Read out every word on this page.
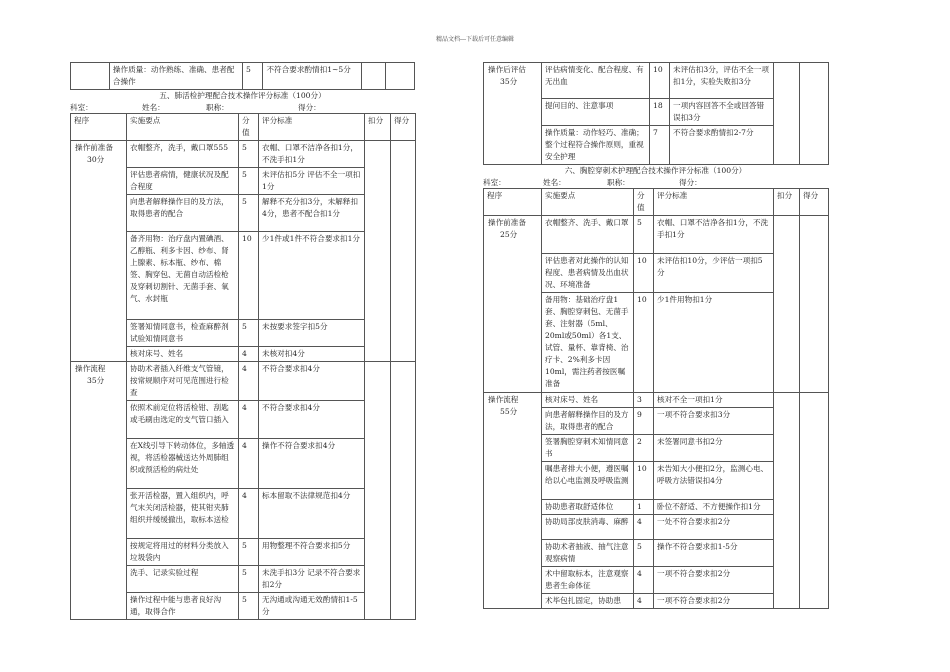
精品文档---下载后可任意编辑
	操作质量：动作熟练、准确、患者配合操作	5	不符合要求酌情扣1~5分		

五、肺活检护理配合技术操作评分标准（100分）

科室：	姓名：	职称：	得分：

程序	实施要点	分值	评分标准	扣分	得分
操作前准备
30分	衣帽整齐，洗手，戴口罩555	5	衣帽、口罩不洁净各扣1分，不洗手扣1分		
	评估患者病情，健康状况及配合程度	5	未评估扣5分 评估不全一项扣1分		
	向患者解释操作目的及方法，取得患者的配合	5	解释不充分扣3分，未解释扣4分，患者不配合扣1分		
	备齐用物：治疗盘内置碘酒、乙醇瓶、利多卡因、纱布、肾上腺素、标本瓶、纱布、棉签、胸穿包、无菌自动活检枪及穿刺切割针、无菌手套、氧气、水封瓶	10	少1件或1件不符合要求扣1分		
	签署知情同意书，检查麻醉剂试验知情同意书	5	未按要求签字扣5分		
	核对床号、姓名	4	未核对扣4分		
操作流程
35分	协助术者插入纤维支气管镜，按常规顺序对可见范围进行检查	4	不符合要求扣4分		
	依照术前定位将活检钳、刮匙或毛刷由选定的支气管口插入	4	不符合要求扣4分		
	在X线引导下转动体位，多轴透视，将活检器械送达外周肺组织或预活检的病灶处	4	操作不符合要求扣4分		
	张开活检器，置入组织内，呼气末关闭活检器，使其钳夹肺组织并缓缓撤出，取标本送检	4	标本留取不法律规范扣4分		
	按规定将用过的材料分类放入垃圾袋内	5	用物整理不符合要求扣5分		
	洗手、记录实验过程	5	未洗手扣3分 记录不符合要求扣2分		
	操作过程中能与患者良好沟通，取得合作	5	无沟通或沟通无效酌情扣1-5分		
操作后评估
35分	评估病情变化、配合程度、有无出血	10	未评估扣3分，评估不全一项扣1分，实验失败扣3分		
	提问目的、注意事项	18	一项内容回答不全或回答错误扣3分		
	操作质量：动作轻巧、准确；整个过程符合操作原则，重视安全护理	7	不符合要求酌情扣2-7分		

六、胸腔穿刺术护理配合技术操作评分标准（100分）

科室：	姓名：	职称：	得分：

程序	实施要点	分值	评分标准	扣分	得分
操作前准备
25分	衣帽整齐、洗手、戴口罩	5	衣帽、口罩不洁净各扣1分，不洗手扣1分		
	评估患者对此操作的认知程度、患者病情及出血状况、环境准备	10	未评估扣10分，少评估一项扣5分		
	备用物：基础治疗盘1套、胸腔穿刺包、无菌手套、注射器（5ml、20ml或50ml）各1支、试管、量杯、靠背椅、治疗卡、2%利多卡因10ml，需注药者按医嘱准备	10	少1件用物扣1分		
操作流程
55分	核对床号、姓名	3	核对不全一项扣1分		
	向患者解释操作目的及方法，取得患者的配合	9	一项不符合要求扣3分		
	签署胸腔穿刺术知情同意书	2	未签署同意书扣2分		
	嘱患者排大小便，遵医嘱给以心电监测及呼吸监测	10	未告知大小便扣2分，监测心电、呼吸方法错误扣4分		
	协助患者取舒适体位	1	卧位不舒适、不方便操作扣1分		
	协助局部皮肤消毒、麻醉	4	一处不符合要求扣2分		
	协助术者抽液、抽气注意观察病情	5	操作不符合要求扣1-5分		
	术中留取标本，注意观察患者生命体征	4	一项不符合要求扣2分		
	术毕包扎固定，协助患	4	一项不符合要求扣2分		
